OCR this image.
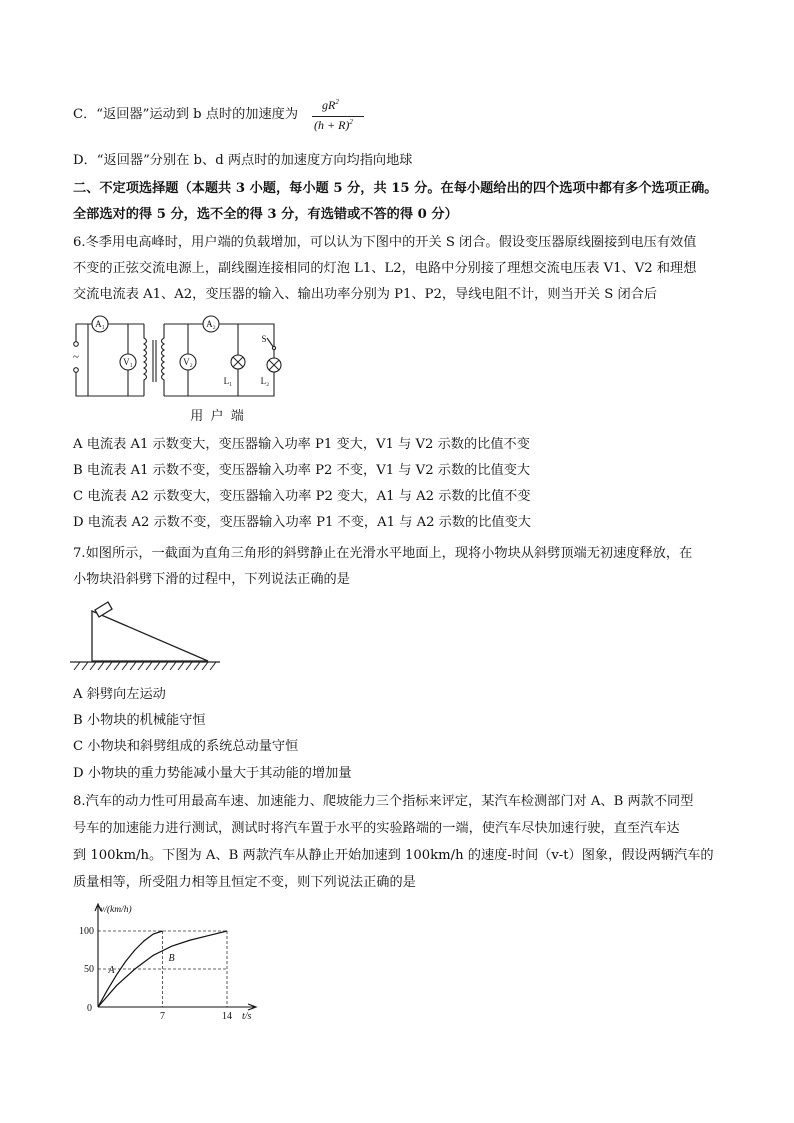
C．“返回器”运动到 b 点时的加速度为
$gR^2$
$(h + R)^2$
D．“返回器”分别在 b、d 两点时的加速度方向均指向地球
二、不定项选择题（本题共 3 小题，每小题 5 分，共 15 分。在每小题给出的四个选项中都有多个选项正确。
全部选对的得 5 分，选不全的得 3 分，有选错或不答的得 0 分）
6.冬季用电高峰时，用户端的负载增加，可以认为下图中的开关 S 闭合。假设变压器原线圈接到电压有效值
不变的正弦交流电源上，副线圈连接相同的灯泡 L1、L2，电路中分别接了理想交流电压表 V1、V2 和理想
交流电流表 A1、A2，变压器的输入、输出功率分别为 P1、P2，导线电阻不计，则当开关 S 闭合后
A₁
V₁
A₂
V₂
L₁	L₂
S
~
用 户 端
A 电流表 A1 示数变大，变压器输入功率 P1 变大，V1 与 V2 示数的比值不变
B 电流表 A1 示数不变，变压器输入功率 P2 不变，V1 与 V2 示数的比值变大
C 电流表 A2 示数变大，变压器输入功率 P2 变大，A1 与 A2 示数的比值不变
D 电流表 A2 示数不变，变压器输入功率 P1 不变，A1 与 A2 示数的比值变大
7.如图所示，一截面为直角三角形的斜劈静止在光滑水平地面上，现将小物块从斜劈顶端无初速度释放，在
小物块沿斜劈下滑的过程中，下列说法正确的是
A 斜劈向左运动
B 小物块的机械能守恒
C 小物块和斜劈组成的系统总动量守恒
D 小物块的重力势能减小量大于其动能的增加量
8.汽车的动力性可用最高车速、加速能力、爬坡能力三个指标来评定，某汽车检测部门对 A、B 两款不同型
号车的加速能力进行测试，测试时将汽车置于水平的实验路端的一端，使汽车尽快加速行驶，直至汽车达
到 100km/h。下图为 A、B 两款汽车从静止开始加速到 100km/h 的速度-时间（v-t）图象，假设两辆汽车的
质量相等，所受阻力相等且恒定不变，则下列说法正确的是
A
B
50
100
0
7	14
v/(km/h)
t/s
